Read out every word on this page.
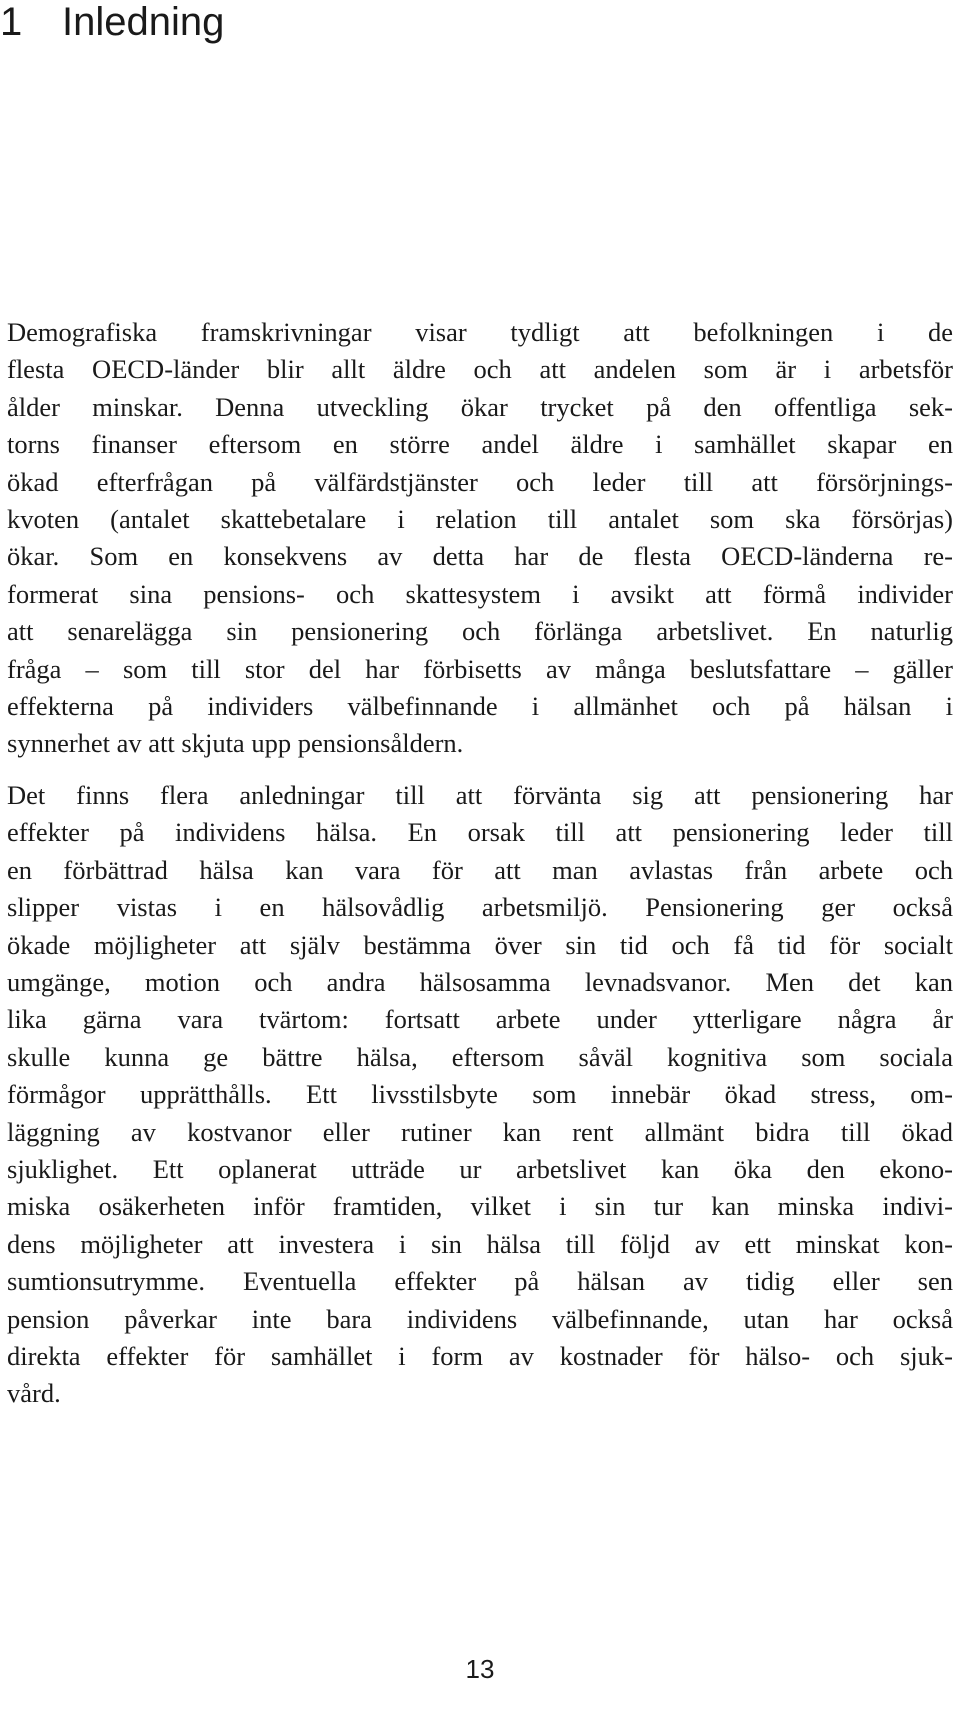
1 Inledning

Demografiska framskrivningar visar tydligt att befolkningen i de
flesta OECD-länder blir allt äldre och att andelen som är i arbetsför
ålder minskar. Denna utveckling ökar trycket på den offentliga sek-
torns finanser eftersom en större andel äldre i samhället skapar en
ökad efterfrågan på välfärdstjänster och leder till att försörjnings-
kvoten (antalet skattebetalare i relation till antalet som ska försörjas)
ökar. Som en konsekvens av detta har de flesta OECD-länderna re-
formerat sina pensions- och skattesystem i avsikt att förmå individer
att senarelägga sin pensionering och förlänga arbetslivet. En naturlig
fråga – som till stor del har förbisetts av många beslutsfattare – gäller
effekterna på individers välbefinnande i allmänhet och på hälsan i
synnerhet av att skjuta upp pensionsåldern.

Det finns flera anledningar till att förvänta sig att pensionering har
effekter på individens hälsa. En orsak till att pensionering leder till
en förbättrad hälsa kan vara för att man avlastas från arbete och
slipper vistas i en hälsovådlig arbetsmiljö. Pensionering ger också
ökade möjligheter att själv bestämma över sin tid och få tid för socialt
umgänge, motion och andra hälsosamma levnadsvanor. Men det kan
lika gärna vara tvärtom: fortsatt arbete under ytterligare några år
skulle kunna ge bättre hälsa, eftersom såväl kognitiva som sociala
förmågor upprätthålls. Ett livsstilsbyte som innebär ökad stress, om-
läggning av kostvanor eller rutiner kan rent allmänt bidra till ökad
sjuklighet. Ett oplanerat utträde ur arbetslivet kan öka den ekono-
miska osäkerheten inför framtiden, vilket i sin tur kan minska indivi-
dens möjligheter att investera i sin hälsa till följd av ett minskat kon-
sumtionsutrymme. Eventuella effekter på hälsan av tidig eller sen
pension påverkar inte bara individens välbefinnande, utan har också
direkta effekter för samhället i form av kostnader för hälso- och sjuk-
vård.

13
